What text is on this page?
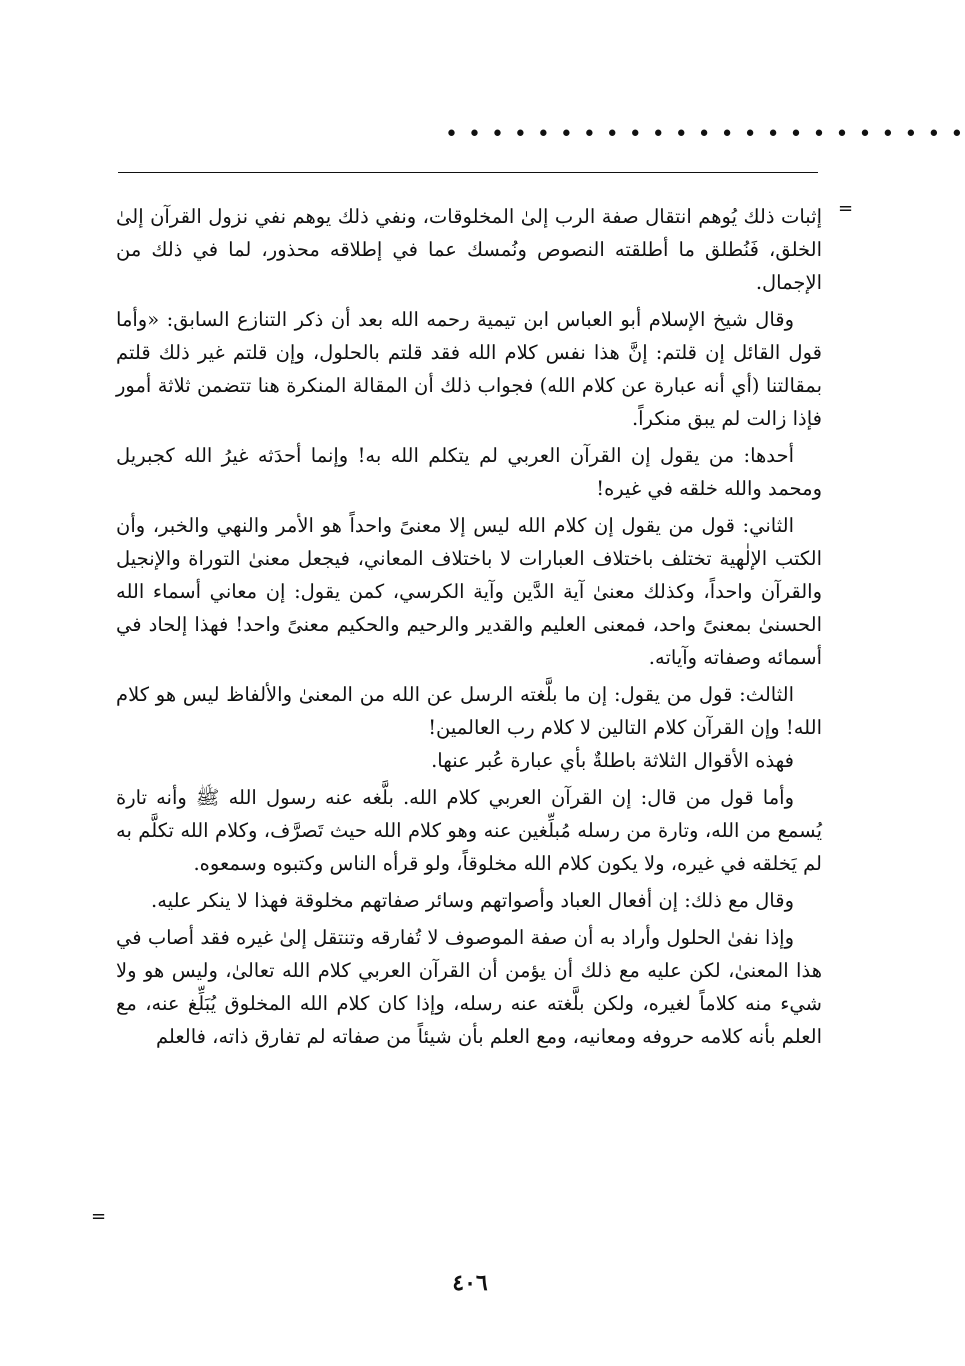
• • • • • • • • • • • • • • • • • • • • • • •
=

إثبات ذلك يُوهم انتقال صفة الرب إلىٰ المخلوقات، ونفي ذلك يوهم نفي نزول القرآن إلىٰ الخلق، فَنُطلق ما أطلقته النصوص ونُمسك عما في إطلاقه محذور، لما في ذلك من الإجمال.

وقال شيخ الإسلام أبو العباس ابن تيمية رحمه الله بعد أن ذكر التنازع السابق: «وأما قول القائل إن قلتم: إنَّ هذا نفس كلام الله فقد قلتم بالحلول، وإن قلتم غير ذلك قلتم بمقالتنا (أي أنه عبارة عن كلام الله) فجواب ذلك أن المقالة المنكرة هنا تتضمن ثلاثة أمور فإذا زالت لم يبق منكراً.

أحدها: من يقول إن القرآن العربي لم يتكلم الله به! وإنما أحدَثه غيرُ الله كجبريل ومحمد والله خلقه في غيره!

الثاني: قول من يقول إن كلام الله ليس إلا معنىً واحداً هو الأمر والنهي والخبر، وأن الكتب الإلٰهية تختلف باختلاف العبارات لا باختلاف المعاني، فيجعل معنىٰ التوراة والإنجيل والقرآن واحداً، وكذلك معنىٰ آية الدَّين وآية الكرسي، كمن يقول: إن معاني أسماء الله الحسنىٰ بمعنىً واحد، فمعنى العليم والقدير والرحيم والحكيم معنىً واحد! فهذا إلحاد في أسمائه وصفاته وآياته.

الثالث: قول من يقول: إن ما بلَّغته الرسل عن الله من المعنىٰ والألفاظ ليس هو كلام الله! وإن القرآن كلام التالين لا كلام رب العالمين!

فهذه الأقوال الثلاثة باطلةٌ بأي عبارة عُبر عنها.

وأما قول من قال: إن القرآن العربي كلام الله. بلَّغه عنه رسول الله ﷺ وأنه تارة يُسمع من الله، وتارة من رسله مُبلِّغين عنه وهو كلام الله حيث تَصرَّف، وكلام الله تكلَّم به لم يَخلقه في غيره، ولا يكون كلام الله مخلوقاً، ولو قرأه الناس وكتبوه وسمعوه.

وقال مع ذلك: إن أفعال العباد وأصواتهم وسائر صفاتهم مخلوقة فهذا لا ينكر عليه.

وإذا نفىٰ الحلول وأراد به أن صفة الموصوف لا تُفارقه وتنتقل إلىٰ غيره فقد أصاب في هذا المعنىٰ، لكن عليه مع ذلك أن يؤمن أن القرآن العربي كلام الله تعالىٰ، وليس هو ولا شيء منه كلاماً لغيره، ولكن بلَّغته عنه رسله، وإذا كان كلام الله المخلوق يُبَلِّغ عنه، مع العلم بأنه كلامه حروفه ومعانيه، ومع العلم بأن شيئاً من صفاته لم تفارق ذاته، فالعلم

=
٤٠٦
